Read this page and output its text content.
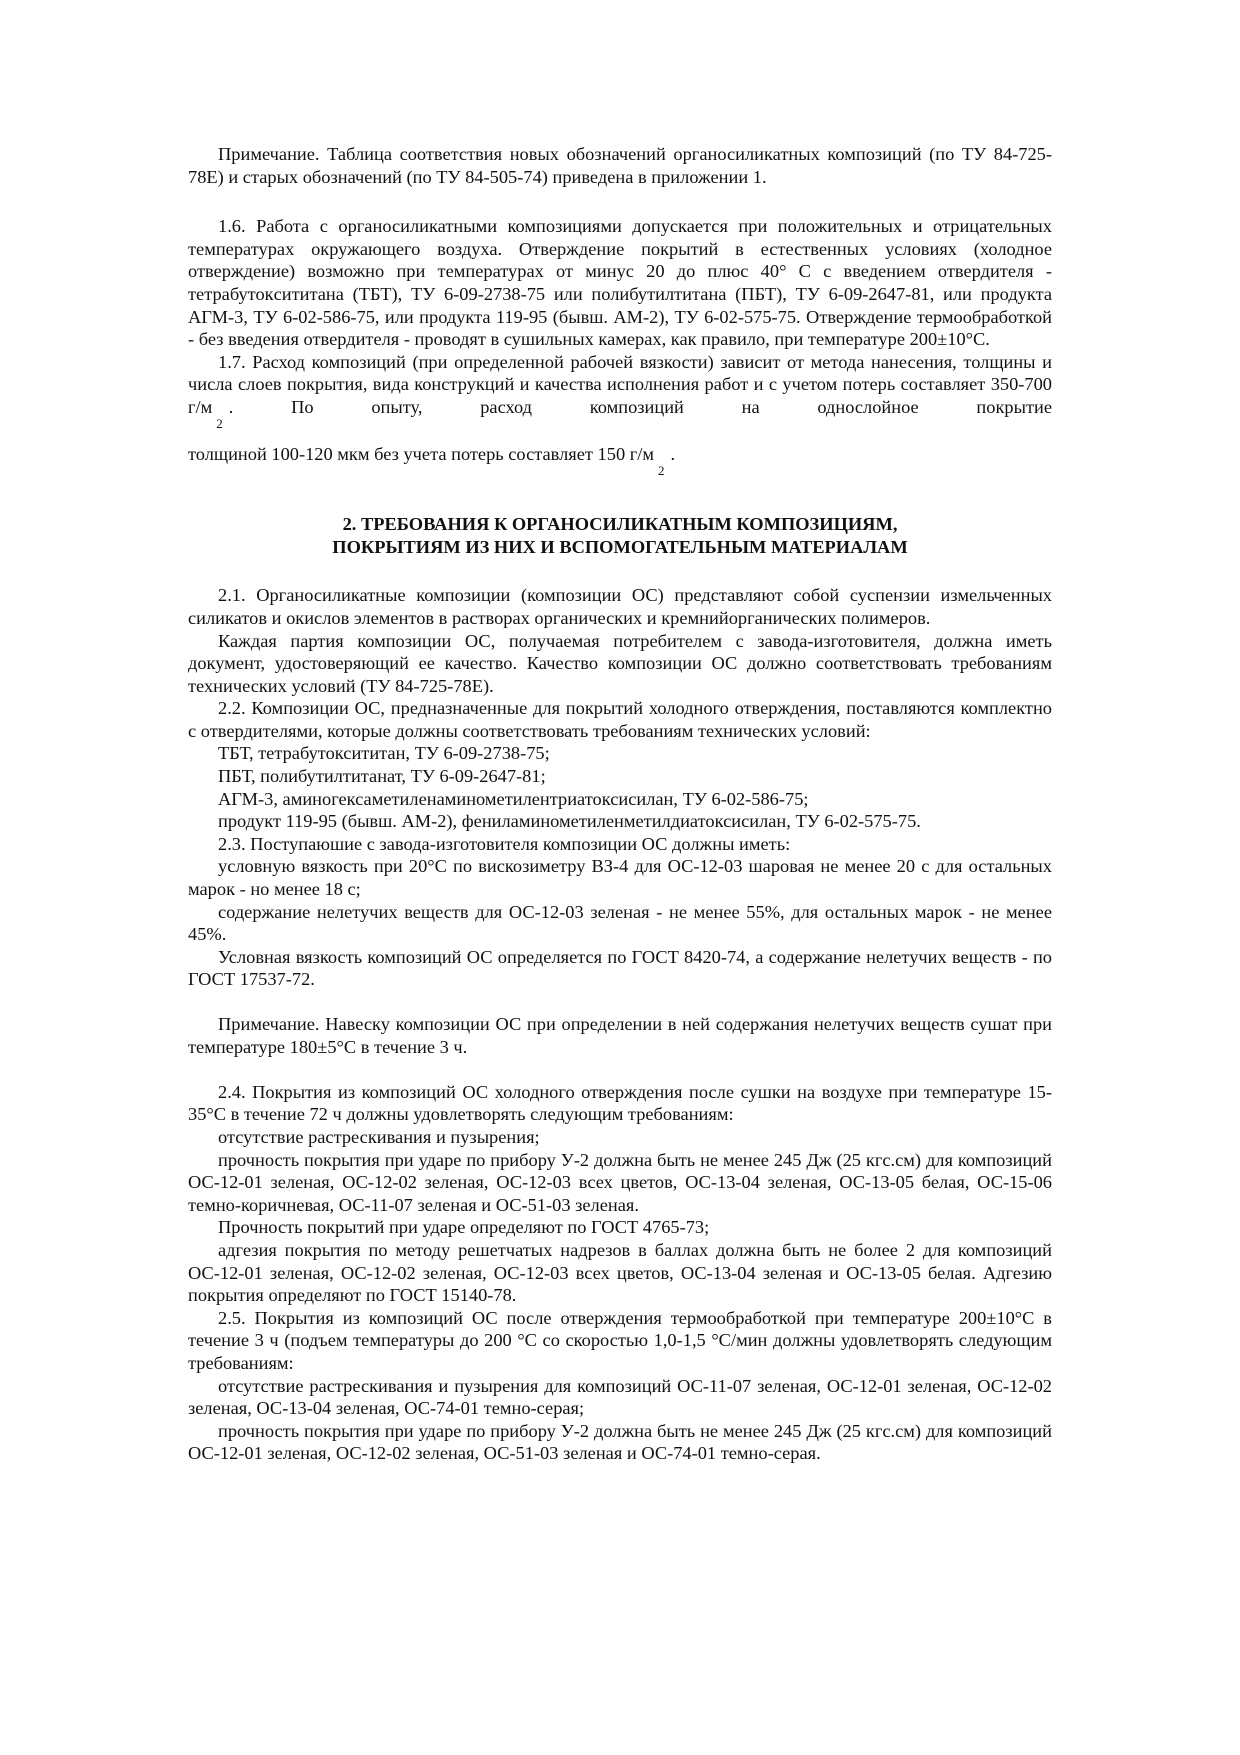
Примечание. Таблица соответствия новых обозначений органосиликатных композиций (по ТУ 84-725-78Е) и старых обозначений (по ТУ 84-505-74) приведена в приложении 1.

1.6. Работа с органосиликатными композициями допускается при положительных и отрицательных температурах окружающего воздуха. Отверждение покрытий в естественных условиях (холодное отверждение) возможно при температурах от минус 20 до плюс 40° С с введением отвердителя - тетрабутокcититана (ТБТ), ТУ 6-09-2738-75 или полибутилтитана (ПБТ), ТУ 6-09-2647-81, или продукта АГМ-3, ТУ 6-02-586-75, или продукта 119-95 (бывш. АМ-2), ТУ 6-02-575-75. Отверждение термообработкой - без введения отвердителя - проводят в сушильных камерах, как правило, при температуре 200±10°С.

1.7. Расход композиций (при определенной рабочей вязкости) зависит от метода нанесения, толщины и числа слоев покрытия, вида конструкций и качества исполнения работ и с учетом потерь составляет 350-700 $г/м_2$. По опыту, расход композиций на однослойное покрытие

толщиной 100-120 мкм без учета потерь составляет 150 $г/м_2$.

2. ТРЕБОВАНИЯ К ОРГАНОСИЛИКАТНЫМ КОМПОЗИЦИЯМ,
ПОКРЫТИЯМ ИЗ НИХ И ВСПОМОГАТЕЛЬНЫМ МАТЕРИАЛАМ

2.1. Органосиликатные композиции (композиции ОС) представляют собой суспензии измельченных силикатов и окислов элементов в растворах органических и кремнийорганических полимеров.

Каждая партия композиции ОС, получаемая потребителем с завода-изготовителя, должна иметь документ, удостоверяющий ее качество. Качество композиции ОС должно соответствовать требованиям технических условий (ТУ 84-725-78Е).

2.2. Композиции ОС, предназначенные для покрытий холодного отверждения, поставляются комплектно с отвердителями, которые должны соответствовать требованиям технических условий:

ТБТ, тетрабутоксититан, ТУ 6-09-2738-75;

ПБТ, полибутилтитанат, ТУ 6-09-2647-81;

АГМ-3, аминогексаметиленаминометилентриатоксисилан, ТУ 6-02-586-75;

продукт 119-95 (бывш. АМ-2), фениламинометиленметилдиатоксисилан, ТУ 6-02-575-75.

2.3. Поступаюшие с завода-изготовителя композиции ОС должны иметь:

условную вязкость при 20°С по вискозиметру ВЗ-4 для ОС-12-03 шаровая не менее 20 с для остальных марок - но менее 18 с;

содержание нелетучих веществ для ОС-12-03 зеленая - не менее 55%, для остальных марок - не менее 45%.

Условная вязкость композиций ОС определяется по ГОСТ 8420-74, а содержание нелетучих веществ - по ГОСТ 17537-72.

Примечание. Навеску композиции ОС при определении в ней содержания нелетучих веществ сушат при температуре 180±5°С в течение 3 ч.

2.4. Покрытия из композиций ОС холодного отверждения после сушки на воздухе при температуре 15-35°С в течение 72 ч должны удовлетворять следующим требованиям:

отсутствие растрескивания и пузырения;

прочность покрытия при ударе по прибору У-2 должна быть не менее 245 Дж (25 кгс.см) для композиций ОС-12-01 зеленая, ОС-12-02 зеленая, ОС-12-03 всех цветов, ОС-13-04 зеленая, ОС-13-05 белая, ОС-15-06 темно-коричневая, ОС-11-07 зеленая и ОС-51-03 зеленая.

Прочность покрытий при ударе определяют по ГОСТ 4765-73;

адгезия покрытия по методу решетчатых надрезов в баллах должна быть не более 2 для композиций ОС-12-01 зеленая, ОС-12-02 зеленая, ОС-12-03 всех цветов, ОС-13-04 зеленая и ОС-13-05 белая. Адгезию покрытия определяют по ГОСТ 15140-78.

2.5. Покрытия из композиций ОС после отверждения термообработкой при температуре 200±10°С в течение 3 ч (подъем температуры до 200 °С со скоростью 1,0-1,5 °С/мин должны удовлетворять следующим требованиям:

отсутствие растрескивания и пузырения для композиций ОС-11-07 зеленая, ОС-12-01 зеленая, ОС-12-02 зеленая, ОС-13-04 зеленая, ОС-74-01 темно-серая;

прочность покрытия при ударе по прибору У-2 должна быть не менее 245 Дж (25 кгс.см) для композиций ОС-12-01 зеленая, ОС-12-02 зеленая, ОС-51-03 зеленая и ОС-74-01 темно-серая.
